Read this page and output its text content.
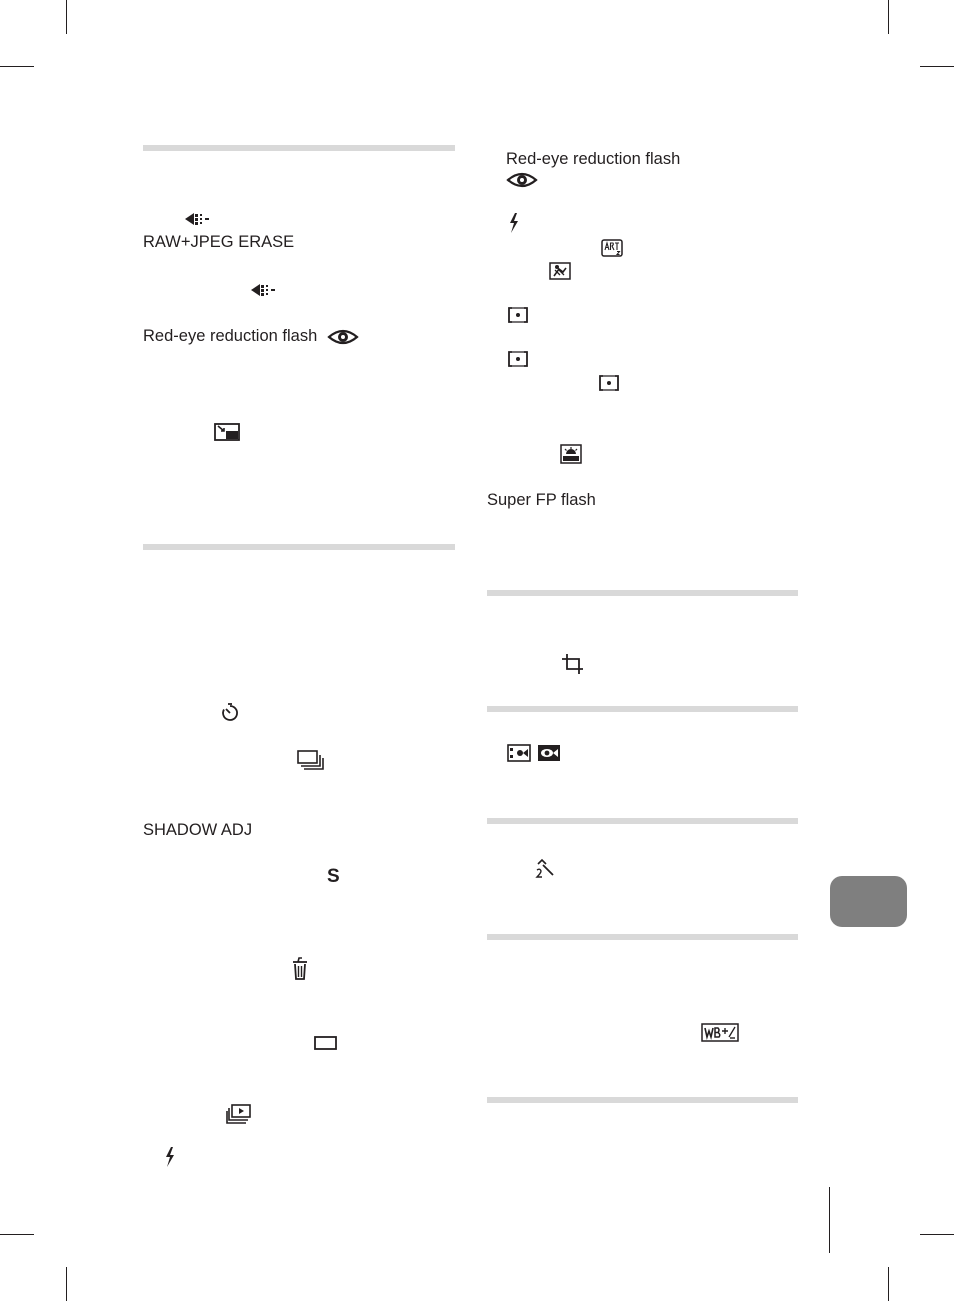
RAW+JPEG ERASE
Red-eye reduction flash
SHADOW ADJ
S
Red-eye reduction flash
Super FP flash
